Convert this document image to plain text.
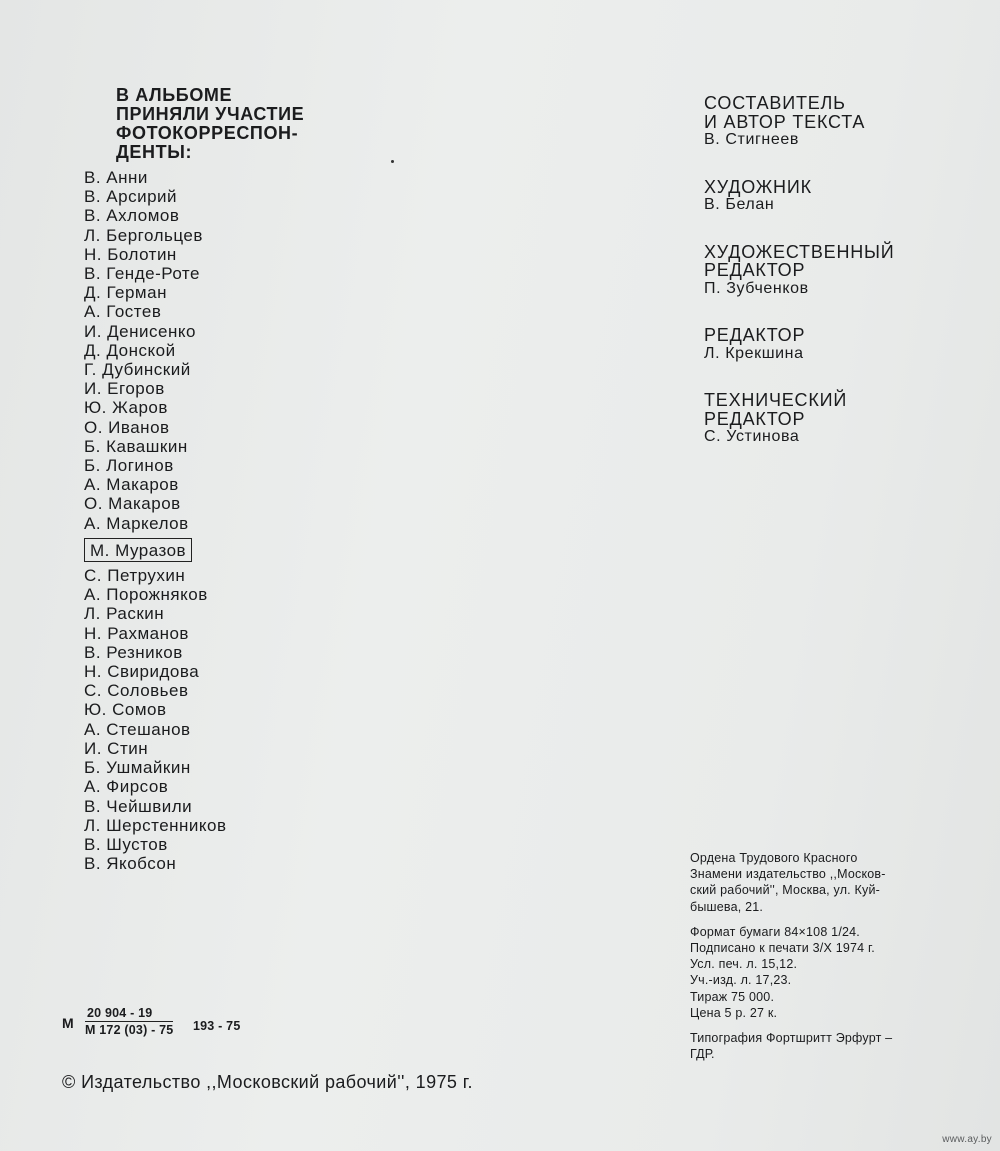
В АЛЬБОМЕ
ПРИНЯЛИ УЧАСТИЕ
ФОТОКОРРЕСПОН-
ДЕНТЫ:
В. Анни
В. Арсирий
В. Ахломов
Л. Бергольцев
Н. Болотин
В. Генде-Роте
Д. Герман
А. Гостев
И. Денисенко
Д. Донской
Г. Дубинский
И. Егоров
Ю. Жаров
О. Иванов
Б. Кавашкин
Б. Логинов
А. Макаров
О. Макаров
А. Маркелов
М. Муразов
С. Петрухин
А. Порожняков
Л. Раскин
Н. Рахманов
В. Резников
Н. Свиридова
С. Соловьев
Ю. Сомов
А. Стешанов
И. Стин
Б. Ушмайкин
А. Фирсов
В. Чейшвили
Л. Шерстенников
В. Шустов
В. Якобсон
СОСТАВИТЕЛЬ
И АВТОР ТЕКСТА
В. Стигнеев
ХУДОЖНИК
В. Белан
ХУДОЖЕСТВЕННЫЙ
РЕДАКТОР
П. Зубченков
РЕДАКТОР
Л. Крекшина
ТЕХНИЧЕСКИЙ
РЕДАКТОР
С. Устинова
Ордена Трудового Красного
Знамени издательство ,,Москов-
ский рабочий'', Москва, ул. Куй-
бышева, 21.
Формат бумаги 84×108 1/24.
Подписано к печати 3/X 1974 г.
Усл. печ. л. 15,12.
Уч.-изд. л. 17,23.
Тираж 75 000.
Цена 5 р. 27 к.
Типография Фортшритт Эрфурт –
ГДР.
М
20 904 - 19
М 172 (03) - 75 193 - 75
© Издательство ,,Московский рабочий'', 1975 г.
www.ay.by
